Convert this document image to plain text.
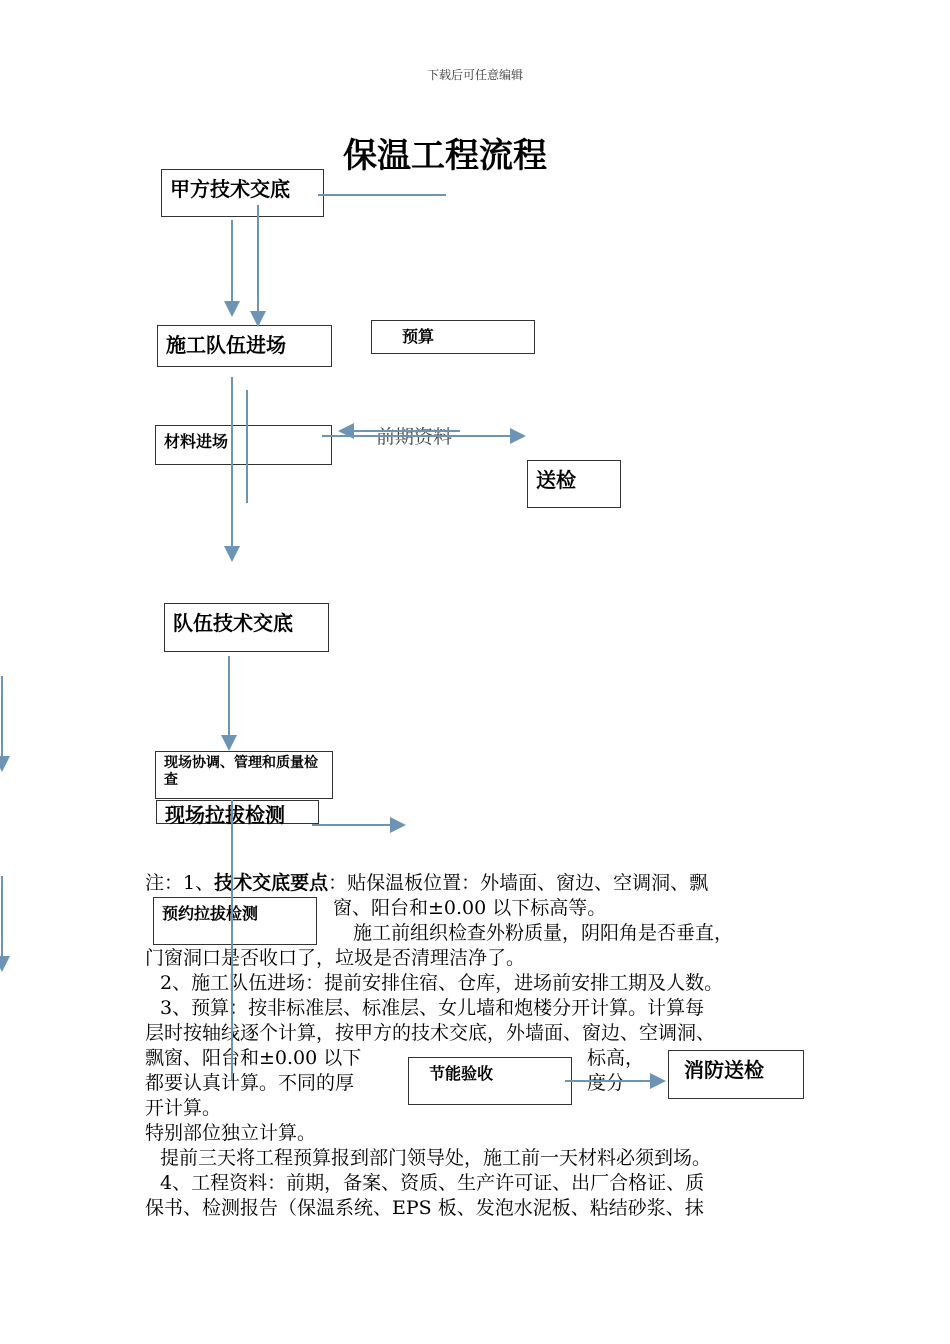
下载后可任意编辑
保温工程流程
注：1、技术交底要点：贴保温板位置：外墙面、窗边、空调洞、飘
窗、阳台和±0.00 以下标高等。
施工前组织检查外粉质量，阴阳角是否垂直，
门窗洞口是否收口了，垃圾是否清理洁净了。
2、施工队伍进场：提前安排住宿、仓库，进场前安排工期及人数。
3、预算：按非标准层、标准层、女儿墙和炮楼分开计算。计算每
层时按轴线逐个计算，按甲方的技术交底，外墙面、窗边、空调洞、
飘窗、阳台和±0.00 以下	标高，
都要认真计算。不同的厚	度分
开计算。
特别部位独立计算。
提前三天将工程预算报到部门领导处，施工前一天材料必须到场。
4、工程资料：前期，备案、资质、生产许可证、出厂合格证、质
保书、检测报告（保温系统、EPS 板、发泡水泥板、粘结砂浆、抹
甲方技术交底
施工队伍进场	预算
材料进场
送检
队伍技术交底
现场协调、管理和质量检查
现场拉拔检测
预约拉拔检测
节能验收	消防送检
前期资料
